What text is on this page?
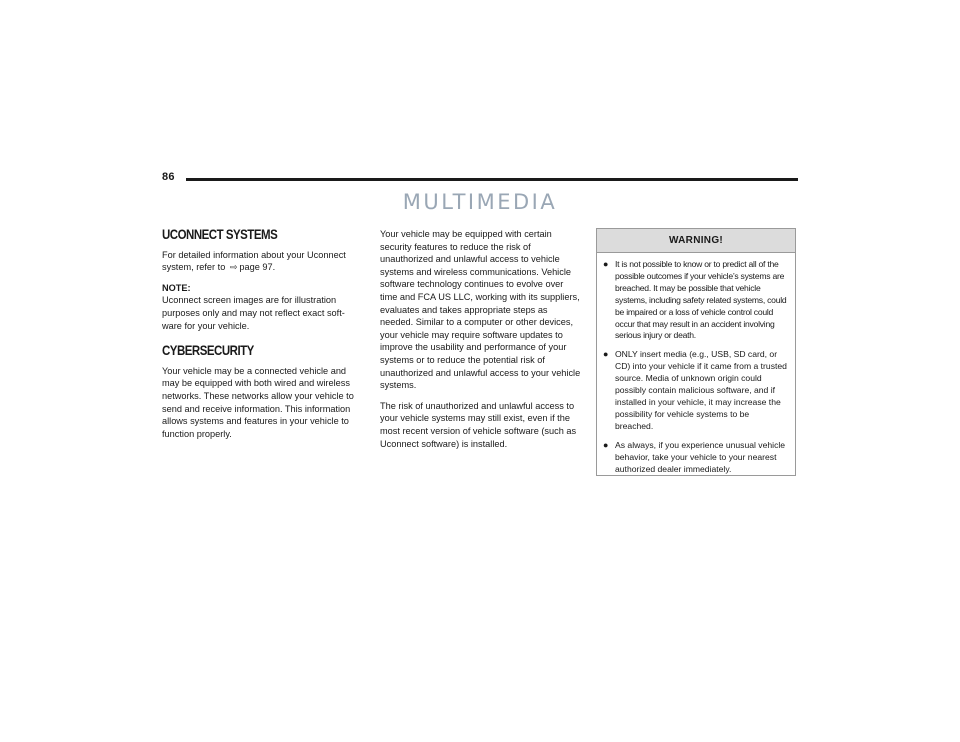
86
MULTIMEDIA
UCONNECT SYSTEMS

For detailed information about your Uconnect system, refer to ⇨ page 97.

NOTE:

Uconnect screen images are for illustration purposes only and may not reflect exact soft-ware for your vehicle.

CYBERSECURITY

Your vehicle may be a connected vehicle and may be equipped with both wired and wireless networks. These networks allow your vehicle to send and receive information. This information allows systems and features in your vehicle to function properly.

Your vehicle may be equipped with certain security features to reduce the risk of unauthorized and unlawful access to vehicle systems and wireless communications. Vehicle software technology continues to evolve over time and FCA US LLC, working with its suppliers, evaluates and takes appropriate steps as needed. Similar to a computer or other devices, your vehicle may require software updates to improve the usability and performance of your systems or to reduce the potential risk of unauthorized and unlawful access to your vehicle systems.

The risk of unauthorized and unlawful access to your vehicle systems may still exist, even if the most recent version of vehicle software (such as Uconnect software) is installed.

WARNING!
● It is not possible to know or to predict all of the possible outcomes if your vehicle’s systems are breached. It may be possible that vehicle systems, including safety related systems, could be impaired or a loss of vehicle control could occur that may result in an accident involving serious injury or death.
● ONLY insert media (e.g., USB, SD card, or CD) into your vehicle if it came from a trusted source. Media of unknown origin could possibly contain malicious software, and if installed in your vehicle, it may increase the possibility for vehicle systems to be breached.
● As always, if you experience unusual vehicle behavior, take your vehicle to your nearest authorized dealer immediately.
